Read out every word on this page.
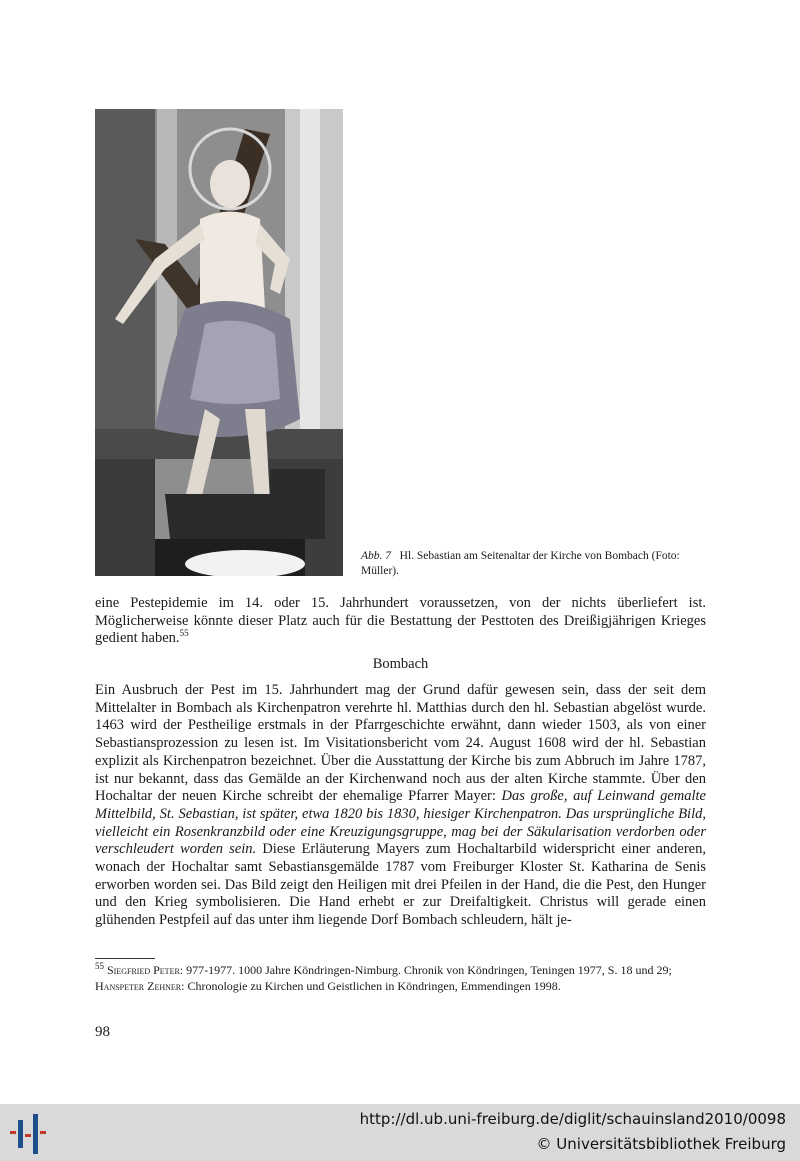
Abb. 7 Hl. Sebastian am Seitenaltar der Kirche von Bombach (Foto: Müller).

eine Pestepidemie im 14. oder 15. Jahrhundert voraussetzen, von der nichts überliefert ist. Möglicherweise könnte dieser Platz auch für die Bestattung der Pesttoten des Dreißigjährigen Krieges gedient haben.$^{55}$

Bombach

Ein Ausbruch der Pest im 15. Jahrhundert mag der Grund dafür gewesen sein, dass der seit dem Mittelalter in Bombach als Kirchenpatron verehrte hl. Matthias durch den hl. Sebastian abgelöst wurde. 1463 wird der Pestheilige erstmals in der Pfarrgeschichte erwähnt, dann wieder 1503, als von einer Sebastiansprozession zu lesen ist. Im Visitationsbericht vom 24. August 1608 wird der hl. Sebastian explizit als Kirchenpatron bezeichnet. Über die Ausstattung der Kirche bis zum Abbruch im Jahre 1787, ist nur bekannt, dass das Gemälde an der Kirchenwand noch aus der alten Kirche stammte. Über den Hochaltar der neuen Kirche schreibt der ehemalige Pfarrer Mayer: Das große, auf Leinwand gemalte Mittelbild, St. Sebastian, ist später, etwa 1820 bis 1830, hiesiger Kirchenpatron. Das ursprüngliche Bild, vielleicht ein Rosenkranzbild oder eine Kreuzigungsgruppe, mag bei der Säkularisation verdorben oder verschleudert worden sein. Diese Erläuterung Mayers zum Hochaltarbild widerspricht einer anderen, wonach der Hochaltar samt Sebastiansgemälde 1787 vom Freiburger Kloster St. Katharina de Senis erworben worden sei. Das Bild zeigt den Heiligen mit drei Pfeilen in der Hand, die die Pest, den Hunger und den Krieg symbolisieren. Die Hand erhebt er zur Dreifaltigkeit. Christus will gerade einen glühenden Pestpfeil auf das unter ihm liegende Dorf Bombach schleudern, hält je-

$^{55}$ Siegfried Peter: 977-1977. 1000 Jahre Köndringen-Nimburg. Chronik von Köndringen, Teningen 1977, S. 18 und 29; Hanspeter Zehner: Chronologie zu Kirchen und Geistlichen in Köndringen, Emmendingen 1998.
98
http://dl.ub.uni-freiburg.de/diglit/schauinsland2010/0098
© Universitätsbibliothek Freiburg
